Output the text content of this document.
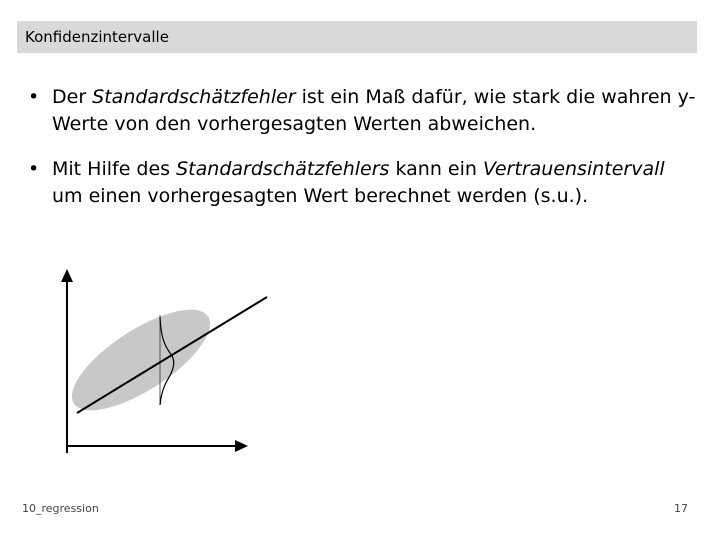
Konfidenzintervalle
• Der Standardschätzfehler ist ein Maß dafür, wie stark die wahren y-Werte von den vorhergesagten Werten abweichen.
• Mit Hilfe des Standardschätzfehlers kann ein Vertrauensintervall um einen vorhergesagten Wert berechnet werden (s.u.).
10_regression	17
